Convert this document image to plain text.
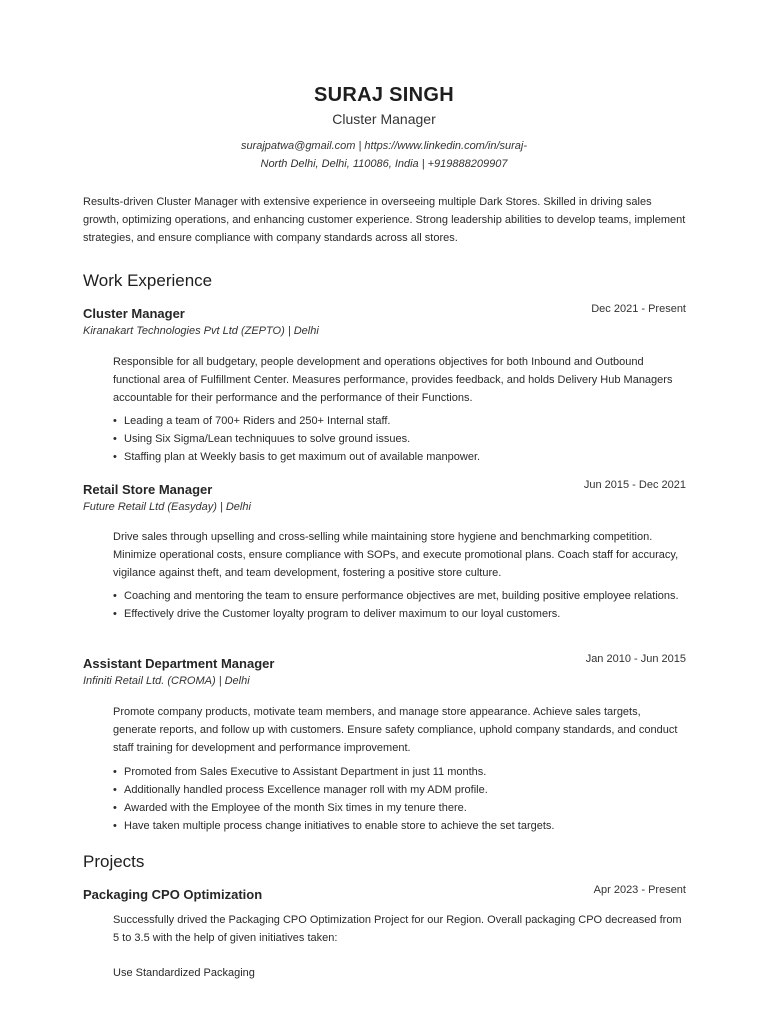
SURAJ SINGH
Cluster Manager
surajpatwa@gmail.com | https://www.linkedin.com/in/suraj-
North Delhi, Delhi, 110086, India | +919888209907
Results-driven Cluster Manager with extensive experience in overseeing multiple Dark Stores. Skilled in driving sales growth, optimizing operations, and enhancing customer experience. Strong leadership abilities to develop teams, implement strategies, and ensure compliance with company standards across all stores.
Work Experience
Cluster Manager	Dec 2021 - Present
Kiranakart Technologies Pvt Ltd (ZEPTO) | Delhi
Responsible for all budgetary, people development and operations objectives for both Inbound and Outbound functional area of Fulfillment Center. Measures performance, provides feedback, and holds Delivery Hub Managers accountable for their performance and the performance of their Functions.
• Leading a team of 700+ Riders and 250+ Internal staff.
• Using Six Sigma/Lean techniquues to solve ground issues.
• Staffing plan at Weekly basis to get maximum out of available manpower.
Retail Store Manager	Jun 2015 - Dec 2021
Future Retail Ltd (Easyday) | Delhi
Drive sales through upselling and cross-selling while maintaining store hygiene and benchmarking competition. Minimize operational costs, ensure compliance with SOPs, and execute promotional plans. Coach staff for accuracy, vigilance against theft, and team development, fostering a positive store culture.
• Coaching and mentoring the team to ensure performance objectives are met, building positive employee relations.
• Effectively drive the Customer loyalty program to deliver maximum to our loyal customers.
Assistant Department Manager	Jan 2010 - Jun 2015
Infiniti Retail Ltd. (CROMA) | Delhi
Promote company products, motivate team members, and manage store appearance. Achieve sales targets, generate reports, and follow up with customers. Ensure safety compliance, uphold company standards, and conduct staff training for development and performance improvement.
• Promoted from Sales Executive to Assistant Department in just 11 months.
• Additionally handled process Excellence manager roll with my ADM profile.
• Awarded with the Employee of the month Six times in my tenure there.
• Have taken multiple process change initiatives to enable store to achieve the set targets.
Projects
Packaging CPO Optimization	Apr 2023 - Present
Successfully drived the Packaging CPO Optimization Project for our Region. Overall packaging CPO decreased from 5 to 3.5 with the help of given initiatives taken:
Use Standardized Packaging
